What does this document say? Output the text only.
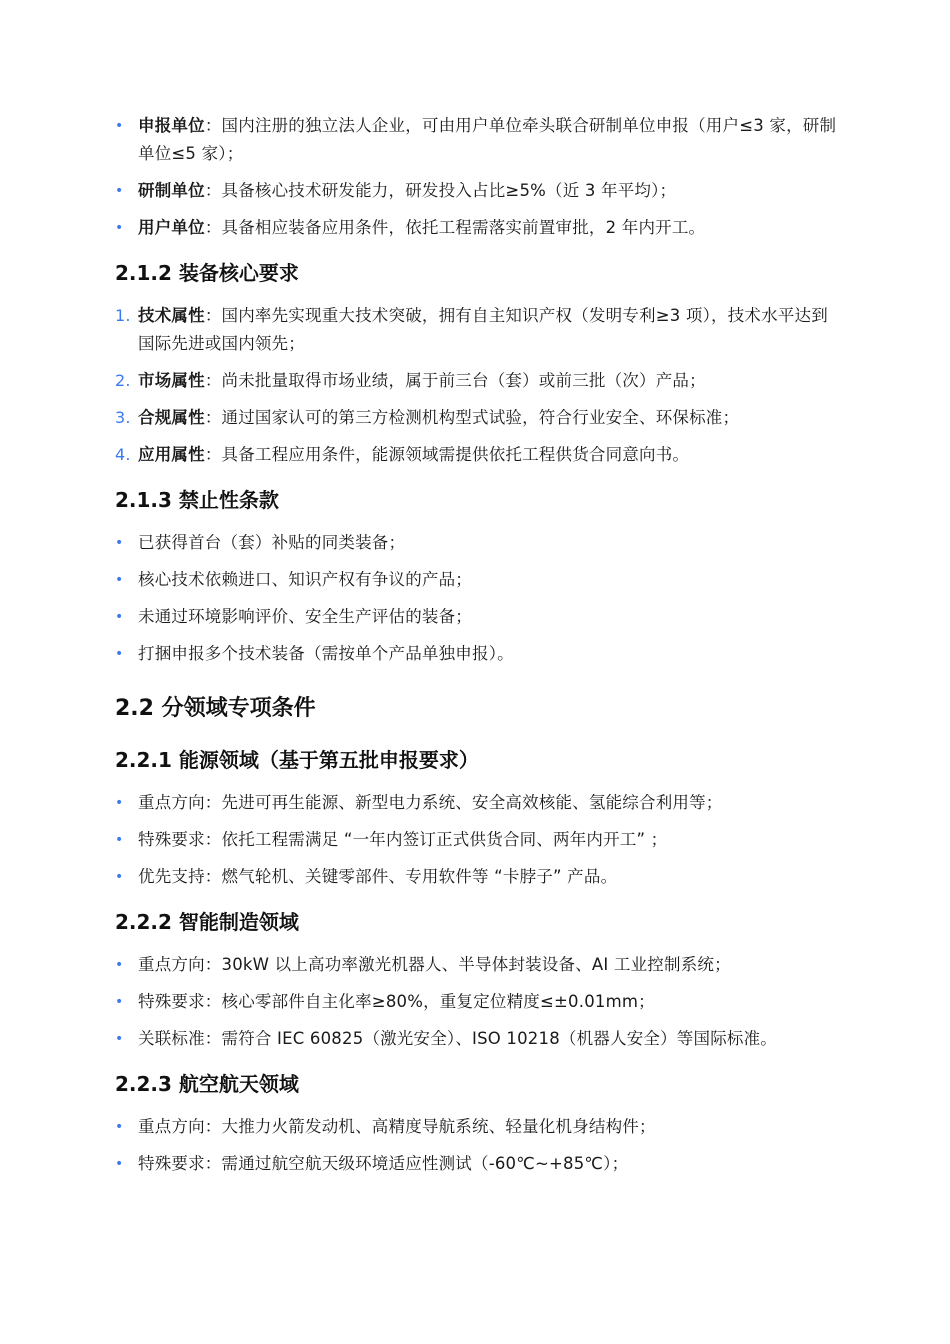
• 申报单位：国内注册的独立法人企业，可由用户单位牵头联合研制单位申报（用户≤3 家，研制单位≤5 家）；
• 研制单位：具备核心技术研发能力，研发投入占比≥5%（近 3 年平均）；
• 用户单位：具备相应装备应用条件，依托工程需落实前置审批，2 年内开工。
2.1.2 装备核心要求
1. 技术属性：国内率先实现重大技术突破，拥有自主知识产权（发明专利≥3 项），技术水平达到国际先进或国内领先；
2. 市场属性：尚未批量取得市场业绩，属于前三台（套）或前三批（次）产品；
3. 合规属性：通过国家认可的第三方检测机构型式试验，符合行业安全、环保标准；
4. 应用属性：具备工程应用条件，能源领域需提供依托工程供货合同意向书。
2.1.3 禁止性条款
• 已获得首台（套）补贴的同类装备；
• 核心技术依赖进口、知识产权有争议的产品；
• 未通过环境影响评价、安全生产评估的装备；
• 打捆申报多个技术装备（需按单个产品单独申报）。
2.2 分领域专项条件
2.2.1 能源领域（基于第五批申报要求）
• 重点方向：先进可再生能源、新型电力系统、安全高效核能、氢能综合利用等；
• 特殊要求：依托工程需满足 “一年内签订正式供货合同、两年内开工” ；
• 优先支持：燃气轮机、关键零部件、专用软件等 “卡脖子” 产品。
2.2.2 智能制造领域
• 重点方向：30kW 以上高功率激光机器人、半导体封装设备、AI 工业控制系统；
• 特殊要求：核心零部件自主化率≥80%，重复定位精度≤±0.01mm；
• 关联标准：需符合 IEC 60825（激光安全）、ISO 10218（机器人安全）等国际标准。
2.2.3 航空航天领域
• 重点方向：大推力火箭发动机、高精度导航系统、轻量化机身结构件；
• 特殊要求：需通过航空航天级环境适应性测试（-60℃~+85℃）；
